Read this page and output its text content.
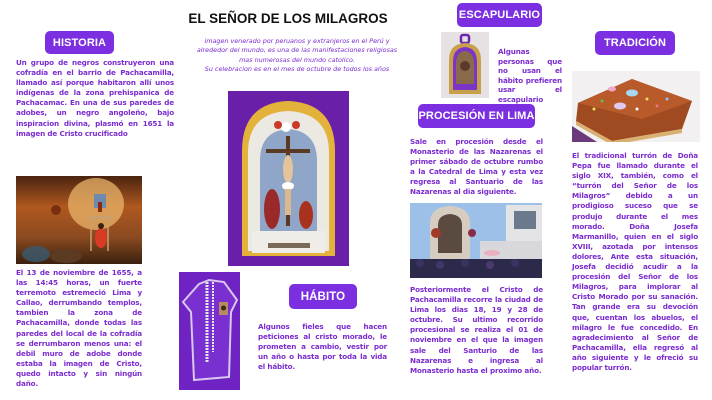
EL SEÑOR DE LOS MILAGROS
imagen venerado por peruanos y extranjeros en el Perú y
alrededor del mundo, es una de las manifestaciones religiosas
mas numerosas del mundo catolico.
Su celebracion es en el mes de octubre de todos los años
HISTORIA
Un grupo de negros construyeron una cofradía en el barrio de Pachacamilla, llamado así porque habitaron allí unos indígenas de la zona prehispanica de Pachacamac. En una de sus paredes de adobes, un negro angoleño, bajo inspiracion divina, plasmó en 1651 la imagen de Cristo crucificado
El 13 de noviembre de 1655, a las 14:45 horas, un fuerte terremoto estremeció Lima y Callao, derrumbando templos, tambien la zona de Pachacamilla, donde todas las paredes del local de la cofradía se derrumbaron menos una: el debil muro de adobe donde estaba la imagen de Cristo, quedo intacto y sin ningún daño.
HÁBITO
Algunos fieles que hacen peticiones al cristo morado, le prometen a cambio, vestir por un año o hasta por toda la vida el hábito.
ESCAPULARIO
Algunas personas que no usan el hábito prefieren usar el escapulario
PROCESIÓN EN LIMA
Sale en procesión desde el Monasterio de las Nazarenas el primer sábado de octubre rumbo a la Catedral de Lima y esta vez regresa al Santuario de las Nazarenas al dia siguiente.
Posteriormente el Cristo de Pachacamilla recorre la ciudad de Lima los dias 18, 19 y 28 de octubre. Su ultimo recorrido procesional se realiza el 01 de noviembre en el que la imagen sale del Santurio de las Nazarenas e ingresa al Monasterio hasta el proximo año.
TRADICIÓN
El tradicional turrón de Doña Pepa fue llamado durante el siglo XIX, también, como el “turrón del Señor de los Milagros” debido a un prodigioso suceso que se produjo durante el mes morado. Doña Josefa Marmanillo, quien en el siglo XVIII, azotada por intensos dolores, Ante esta situación, Josefa decidió acudir a la procesión del Señor de los Milagros, para implorar al Cristo Morado por su sanación. Tan grande era su devoción que, cuentan los abuelos, el milagro le fue concedido. En agradecimiento al Señor de Pachacamilla, ella regresó al año siguiente y le ofreció su popular turrón.
